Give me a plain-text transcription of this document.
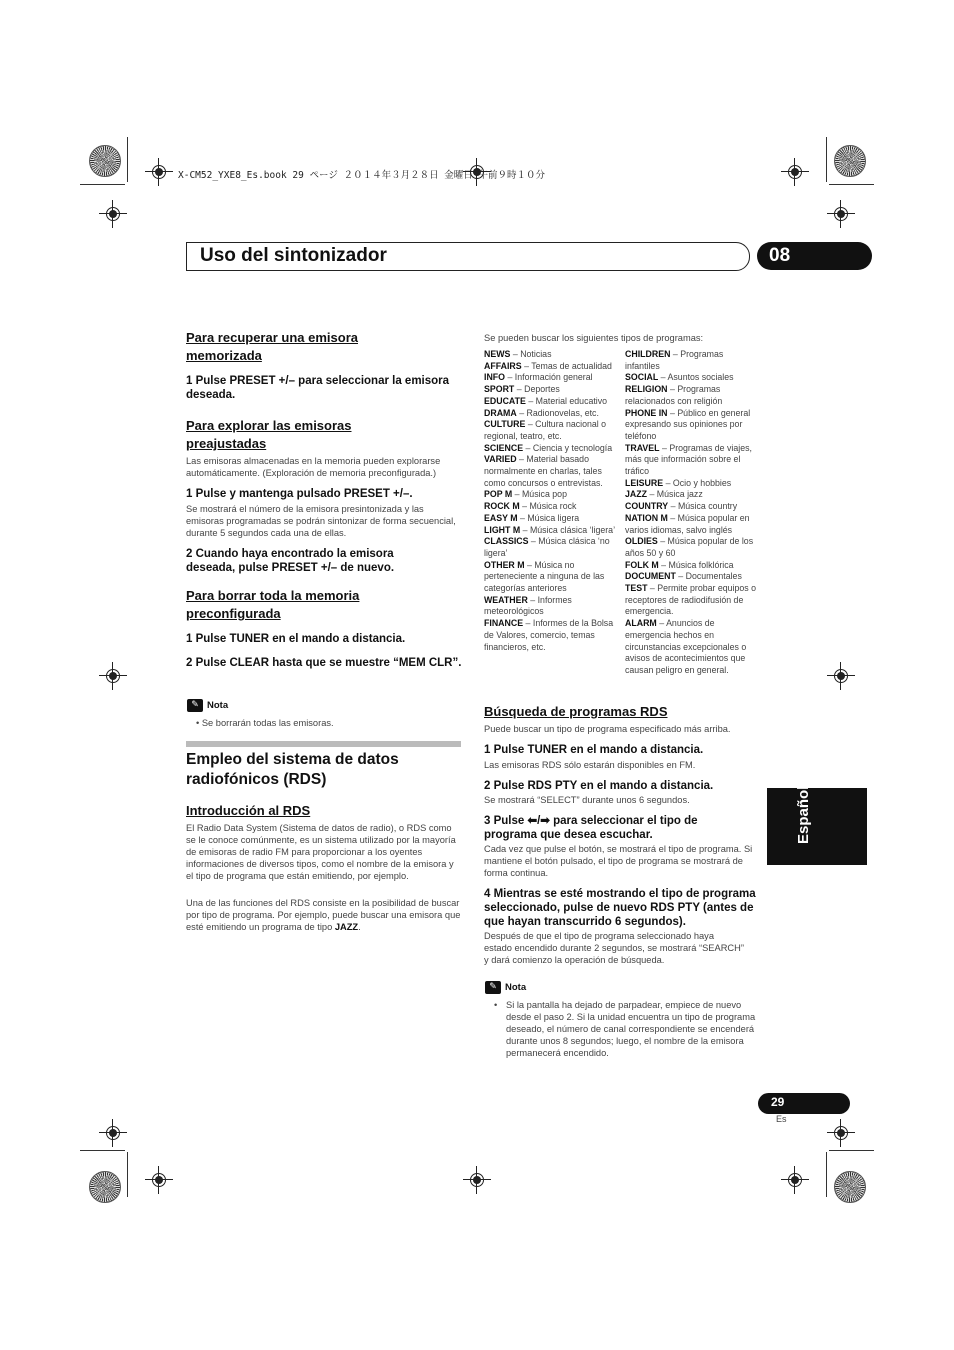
X-CM52_YXE8_Es.book 29 ページ ２０１４年３月２８日 金曜日 午前９時１０分
Uso del sintonizador	08
Español
Para recuperar una emisora memorizada
1 Pulse PRESET +/– para seleccionar la emisora deseada.
Para explorar las emisoras preajustadas
Las emisoras almacenadas en la memoria pueden explorarse automáticamente. (Exploración de memoria preconfigurada.)
1 Pulse y mantenga pulsado PRESET +/–.
Se mostrará el número de la emisora presintonizada y las emisoras programadas se podrán sintonizar de forma secuencial, durante 5 segundos cada una de ellas.
2 Cuando haya encontrado la emisora deseada, pulse PRESET +/– de nuevo.
Para borrar toda la memoria preconfigurada
1 Pulse TUNER en el mando a distancia.
2 Pulse CLEAR hasta que se muestre “MEM CLR”.
✎ Nota
• Se borrarán todas las emisoras.
Empleo del sistema de datos radiofónicos (RDS)
Introducción al RDS
El Radio Data System (Sistema de datos de radio), o RDS como se le conoce comúnmente, es un sistema utilizado por la mayoría de emisoras de radio FM para proporcionar a los oyentes informaciones de diversos tipos, como el nombre de la emisora y el tipo de programa que están emitiendo, por ejemplo.
Una de las funciones del RDS consiste en la posibilidad de buscar por tipo de programa. Por ejemplo, puede buscar una emisora que esté emitiendo un programa de tipo JAZZ.
Se pueden buscar los siguientes tipos de programas:
NEWS – Noticias
AFFAIRS – Temas de actualidad
INFO – Información general
SPORT – Deportes
EDUCATE – Material educativo
DRAMA – Radionovelas, etc.
CULTURE – Cultura nacional o regional, teatro, etc.
SCIENCE – Ciencia y tecnología
VARIED – Material basado normalmente en charlas, tales como concursos o entrevistas.
POP M – Música pop
ROCK M – Música rock
EASY M – Música ligera
LIGHT M – Música clásica ‘ligera’
CLASSICS – Música clásica ‘no ligera’
OTHER M – Música no perteneciente a ninguna de las categorías anteriores
WEATHER – Informes meteorológicos
FINANCE – Informes de la Bolsa de Valores, comercio, temas financieros, etc.
CHILDREN – Programas infantiles
SOCIAL – Asuntos sociales
RELIGION – Programas relacionados con religión
PHONE IN – Público en general expresando sus opiniones por teléfono
TRAVEL – Programas de viajes, más que información sobre el tráfico
LEISURE – Ocio y hobbies
JAZZ – Música jazz
COUNTRY – Música country
NATION M – Música popular en varios idiomas, salvo inglés
OLDIES – Música popular de los años 50 y 60
FOLK M – Música folklórica
DOCUMENT – Documentales
TEST – Permite probar equipos o receptores de radiodifusión de emergencia.
ALARM – Anuncios de emergencia hechos en circunstancias excepcionales o avisos de acontecimientos que causan peligro en general.
Búsqueda de programas RDS
Puede buscar un tipo de programa especificado más arriba.
1 Pulse TUNER en el mando a distancia.
Las emisoras RDS sólo estarán disponibles en FM.
2 Pulse RDS PTY en el mando a distancia.
Se mostrará “SELECT” durante unos 6 segundos.
3 Pulse ⬅/➡ para seleccionar el tipo de programa que desea escuchar.
Cada vez que pulse el botón, se mostrará el tipo de programa. Si mantiene el botón pulsado, el tipo de programa se mostrará de forma continua.
4 Mientras se esté mostrando el tipo de programa seleccionado, pulse de nuevo RDS PTY (antes de que hayan transcurrido 6 segundos).
Después de que el tipo de programa seleccionado haya estado encendido durante 2 segundos, se mostrará “SEARCH” y dará comienzo la operación de búsqueda.
✎ Nota
• Si la pantalla ha dejado de parpadear, empiece de nuevo desde el paso 2. Si la unidad encuentra un tipo de programa deseado, el número de canal correspondiente se encenderá durante unos 8 segundos; luego, el nombre de la emisora permanecerá encendido.
29
Es
